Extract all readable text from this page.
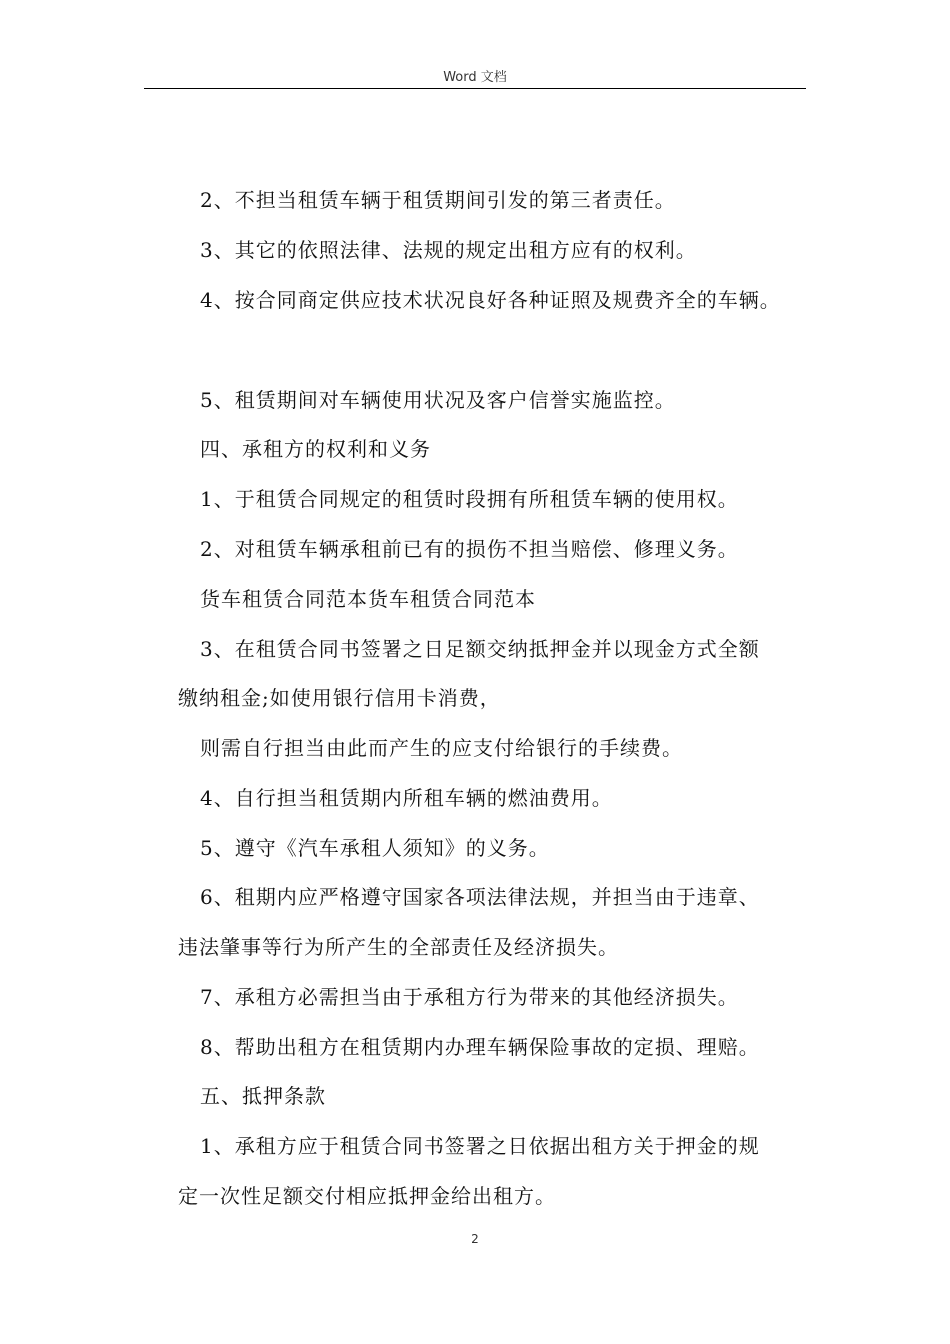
Word 文档
2、不担当租赁车辆于租赁期间引发的第三者责任。
3、其它的依照法律、法规的规定出租方应有的权利。
4、按合同商定供应技术状况良好各种证照及规费齐全的车辆。
5、租赁期间对车辆使用状况及客户信誉实施监控。
四、承租方的权利和义务
1、于租赁合同规定的租赁时段拥有所租赁车辆的使用权。
2、对租赁车辆承租前已有的损伤不担当赔偿、修理义务。
货车租赁合同范本货车租赁合同范本
3、在租赁合同书签署之日足额交纳抵押金并以现金方式全额
缴纳租金;如使用银行信用卡消费，
则需自行担当由此而产生的应支付给银行的手续费。
4、自行担当租赁期内所租车辆的燃油费用。
5、遵守《汽车承租人须知》的义务。
6、租期内应严格遵守国家各项法律法规，并担当由于违章、
违法肇事等行为所产生的全部责任及经济损失。
7、承租方必需担当由于承租方行为带来的其他经济损失。
8、帮助出租方在租赁期内办理车辆保险事故的定损、理赔。
五、抵押条款
1、承租方应于租赁合同书签署之日依据出租方关于押金的规
定一次性足额交付相应抵押金给出租方。
2
